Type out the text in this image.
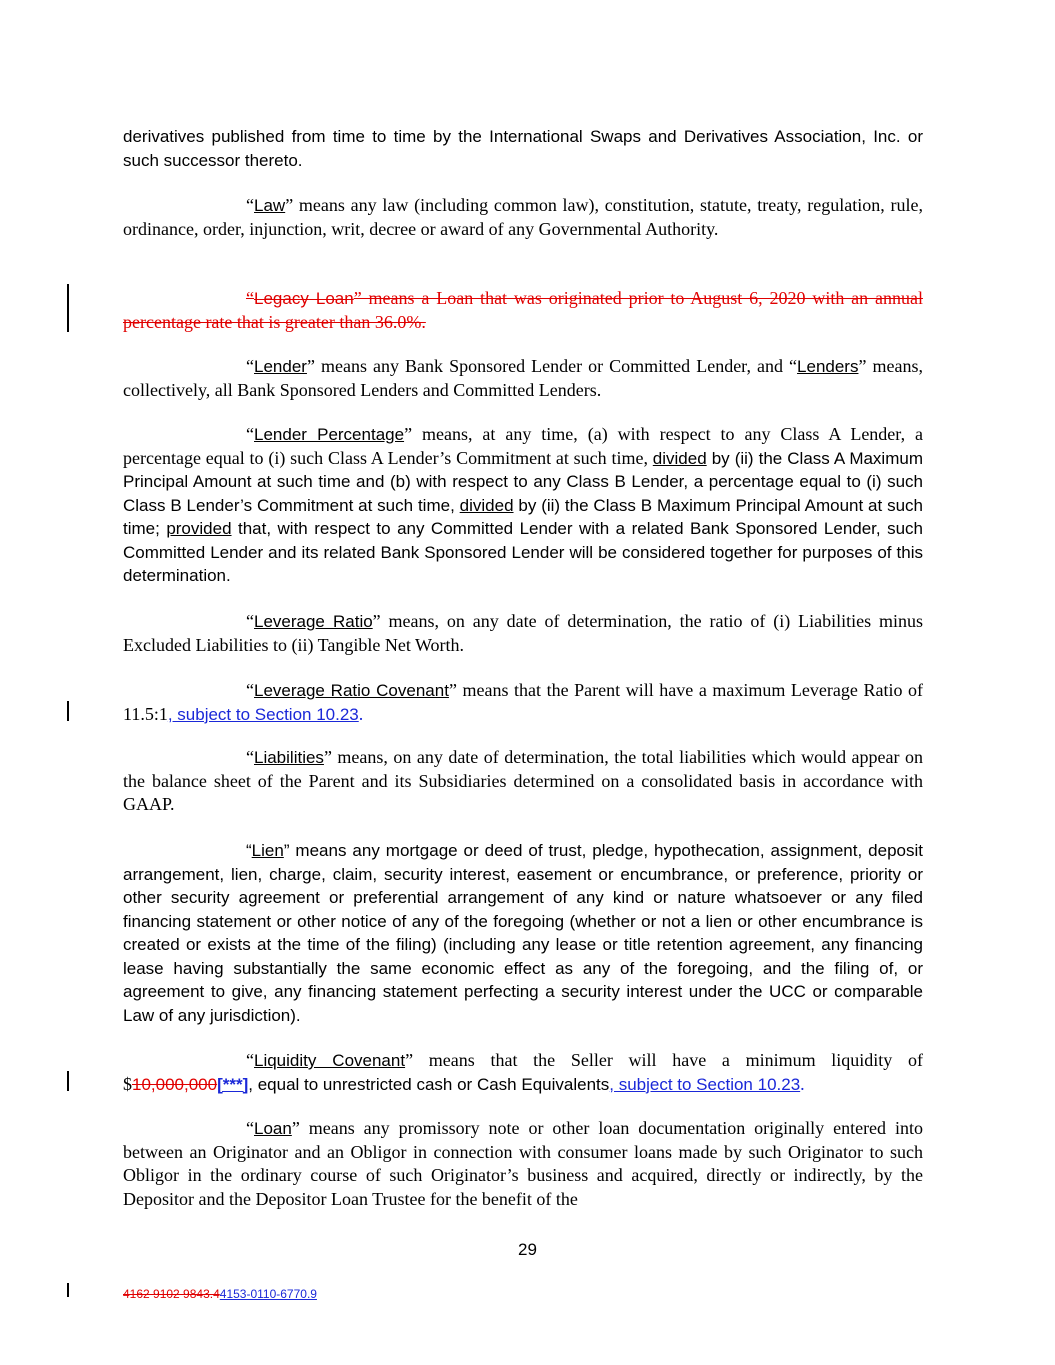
derivatives published from time to time by the International Swaps and Derivatives Association, Inc. or such successor thereto.

“Law” means any law (including common law), constitution, statute, treaty, regulation, rule, ordinance, order, injunction, writ, decree or award of any Governmental Authority.

“Legacy Loan” means a Loan that was originated prior to August 6, 2020 with an annual percentage rate that is greater than 36.0%.

“Lender” means any Bank Sponsored Lender or Committed Lender, and “Lenders” means, collectively, all Bank Sponsored Lenders and Committed Lenders.

“Lender Percentage” means, at any time, (a) with respect to any Class A Lender, a percentage equal to (i) such Class A Lender’s Commitment at such time, divided by (ii) the Class A Maximum Principal Amount at such time and (b) with respect to any Class B Lender, a percentage equal to (i) such Class B Lender’s Commitment at such time, divided by (ii) the Class B Maximum Principal Amount at such time; provided that, with respect to any Committed Lender with a related Bank Sponsored Lender, such Committed Lender and its related Bank Sponsored Lender will be considered together for purposes of this determination.

“Leverage Ratio” means, on any date of determination, the ratio of (i) Liabilities minus Excluded Liabilities to (ii) Tangible Net Worth.

“Leverage Ratio Covenant” means that the Parent will have a maximum Leverage Ratio of 11.5:1, subject to Section 10.23.

“Liabilities” means, on any date of determination, the total liabilities which would appear on the balance sheet of the Parent and its Subsidiaries determined on a consolidated basis in accordance with GAAP.

“Lien” means any mortgage or deed of trust, pledge, hypothecation, assignment, deposit arrangement, lien, charge, claim, security interest, easement or encumbrance, or preference, priority or other security agreement or preferential arrangement of any kind or nature whatsoever or any filed financing statement or other notice of any of the foregoing (whether or not a lien or other encumbrance is created or exists at the time of the filing) (including any lease or title retention agreement, any financing lease having substantially the same economic effect as any of the foregoing, and the filing of, or agreement to give, any financing statement perfecting a security interest under the UCC or comparable Law of any jurisdiction).

“Liquidity Covenant” means that the Seller will have a minimum liquidity of $10,000,000[***], equal to unrestricted cash or Cash Equivalents, subject to Section 10.23.

“Loan” means any promissory note or other loan documentation originally entered into between an Originator and an Obligor in connection with consumer loans made by such Originator to such Obligor in the ordinary course of such Originator’s business and acquired, directly or indirectly, by the Depositor and the Depositor Loan Trustee for the benefit of the

29
4162 9102 9843.44153-0110-6770.9
